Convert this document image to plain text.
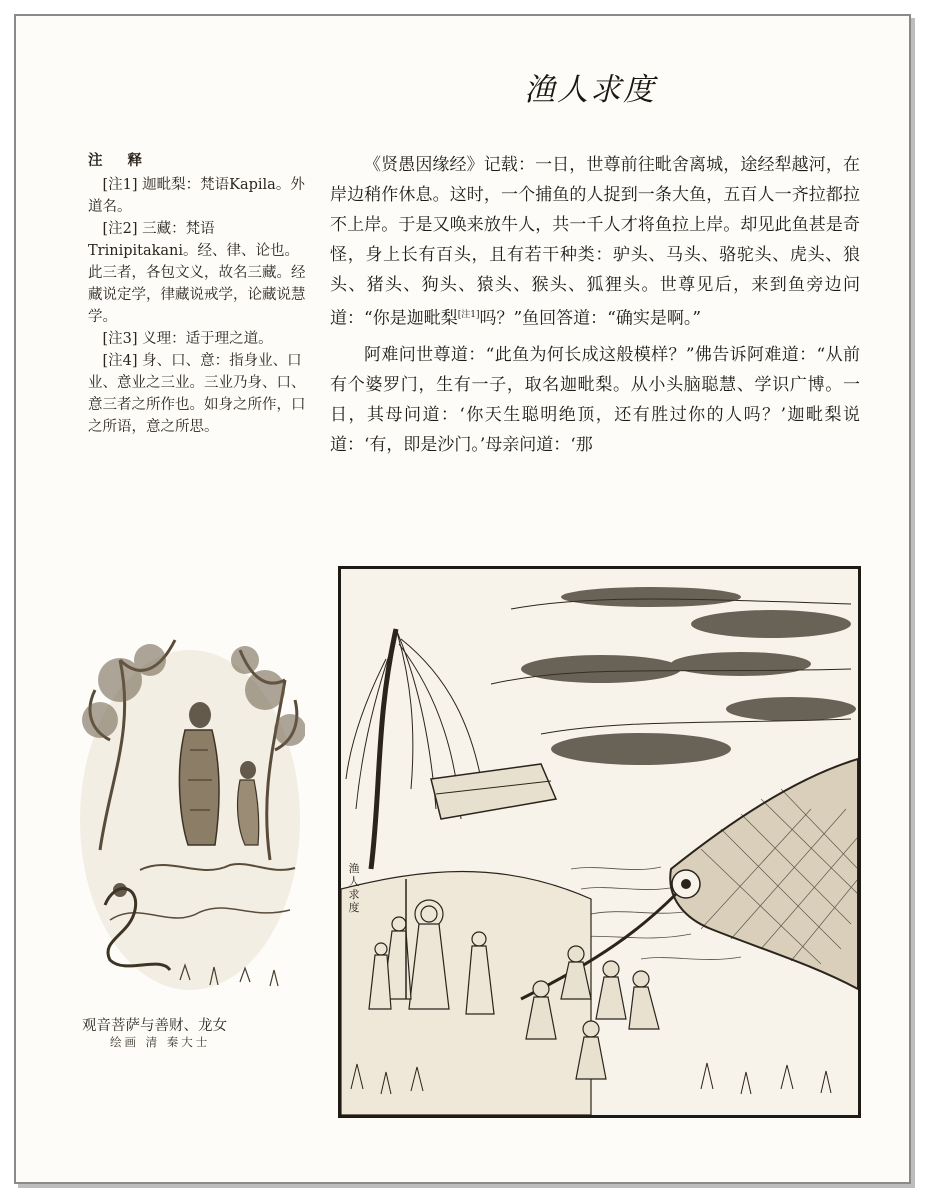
渔人求度
注 释

[注1] 迦毗梨：梵语Kapila。外道名。

[注2] 三藏：梵语Trinipitakani。经、律、论也。此三者，各包文义，故名三藏。经藏说定学，律藏说戒学，论藏说慧学。

[注3] 义理：适于理之道。

[注4] 身、口、意：指身业、口业、意业之三业。三业乃身、口、意三者之所作也。如身之所作，口之所语，意之所思。

《贤愚因缘经》记载：一日，世尊前往毗舍离城，途经犁越河，在岸边稍作休息。这时，一个捕鱼的人捉到一条大鱼，五百人一齐拉都拉不上岸。于是又唤来放牛人，共一千人才将鱼拉上岸。却见此鱼甚是奇怪，身上长有百头，且有若干种类：驴头、马头、骆驼头、虎头、狼头、猪头、狗头、猿头、猴头、狐狸头。世尊见后，来到鱼旁边问道：“你是迦毗梨[注1]吗？”鱼回答道：“确实是啊。”

阿难问世尊道：“此鱼为何长成这般模样？”佛告诉阿难道：“从前有个婆罗门，生有一子，取名迦毗梨。从小头脑聪慧、学识广博。一日，其母问道：‘你天生聪明绝顶，还有胜过你的人吗？’迦毗梨说道：‘有，即是沙门。’母亲问道：‘那

观音菩萨与善财、龙女
绘画 清 秦大士
渔人求度
